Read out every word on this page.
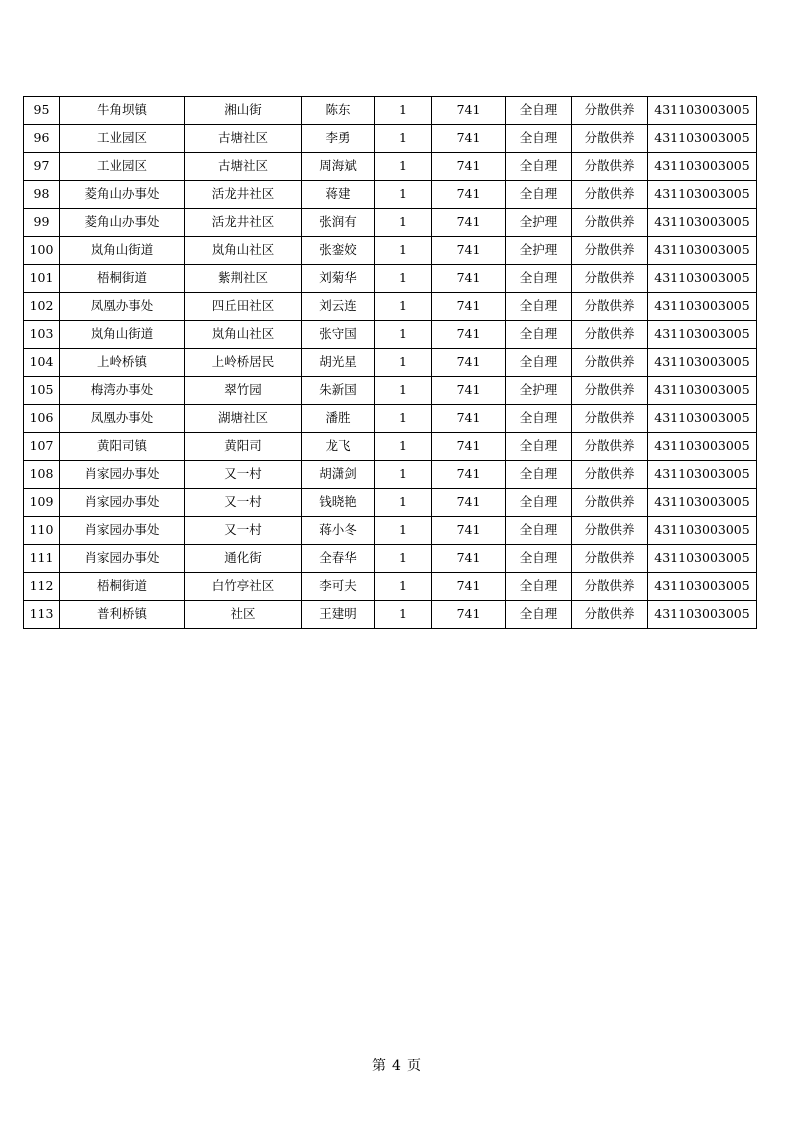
95	牛角坝镇	湘山街	陈东	1	741	全自理	分散供养	431103003005
96	工业园区	古塘社区	李勇	1	741	全自理	分散供养	431103003005
97	工业园区	古塘社区	周海斌	1	741	全自理	分散供养	431103003005
98	菱角山办事处	活龙井社区	蒋建	1	741	全自理	分散供养	431103003005
99	菱角山办事处	活龙井社区	张润有	1	741	全护理	分散供养	431103003005
100	岚角山街道	岚角山社区	张銮姣	1	741	全护理	分散供养	431103003005
101	梧桐街道	紫荆社区	刘菊华	1	741	全自理	分散供养	431103003005
102	凤凰办事处	四丘田社区	刘云连	1	741	全自理	分散供养	431103003005
103	岚角山街道	岚角山社区	张守国	1	741	全自理	分散供养	431103003005
104	上岭桥镇	上岭桥居民	胡光星	1	741	全自理	分散供养	431103003005
105	梅湾办事处	翠竹园	朱新国	1	741	全护理	分散供养	431103003005
106	凤凰办事处	湖塘社区	潘胜	1	741	全自理	分散供养	431103003005
107	黄阳司镇	黄阳司	龙飞	1	741	全自理	分散供养	431103003005
108	肖家园办事处	又一村	胡潇剑	1	741	全自理	分散供养	431103003005
109	肖家园办事处	又一村	钱晓艳	1	741	全自理	分散供养	431103003005
110	肖家园办事处	又一村	蒋小冬	1	741	全自理	分散供养	431103003005
111	肖家园办事处	通化街	全春华	1	741	全自理	分散供养	431103003005
112	梧桐街道	白竹亭社区	李可夫	1	741	全自理	分散供养	431103003005
113	普利桥镇	社区	王建明	1	741	全自理	分散供养	431103003005
第 4 页
